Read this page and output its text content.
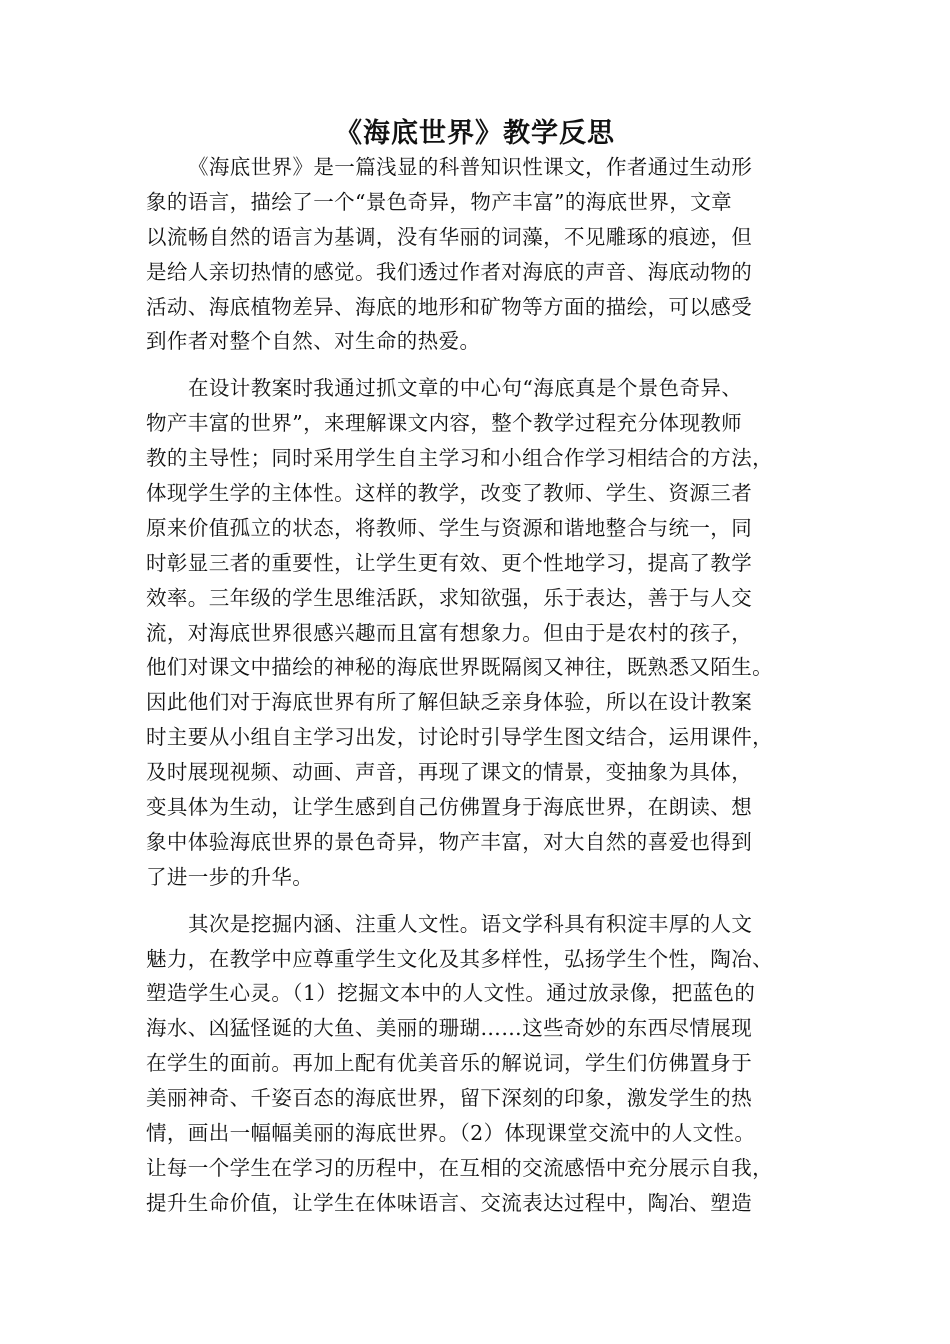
《海底世界》教学反思
《海底世界》是一篇浅显的科普知识性课文，作者通过生动形
象的语言，描绘了一个“景色奇异，物产丰富”的海底世界，文章
以流畅自然的语言为基调，没有华丽的词藻，不见雕琢的痕迹，但
是给人亲切热情的感觉。我们透过作者对海底的声音、海底动物的
活动、海底植物差异、海底的地形和矿物等方面的描绘，可以感受
到作者对整个自然、对生命的热爱。
在设计教案时我通过抓文章的中心句“海底真是个景色奇异、
物产丰富的世界”，来理解课文内容，整个教学过程充分体现教师
教的主导性；同时采用学生自主学习和小组合作学习相结合的方法，
体现学生学的主体性。这样的教学，改变了教师、学生、资源三者
原来价值孤立的状态，将教师、学生与资源和谐地整合与统一，同
时彰显三者的重要性，让学生更有效、更个性地学习，提高了教学
效率。三年级的学生思维活跃，求知欲强，乐于表达，善于与人交
流，对海底世界很感兴趣而且富有想象力。但由于是农村的孩子，
他们对课文中描绘的神秘的海底世界既隔阂又神往，既熟悉又陌生。
因此他们对于海底世界有所了解但缺乏亲身体验，所以在设计教案
时主要从小组自主学习出发，讨论时引导学生图文结合，运用课件，
及时展现视频、动画、声音，再现了课文的情景，变抽象为具体，
变具体为生动，让学生感到自己仿佛置身于海底世界，在朗读、想
象中体验海底世界的景色奇异，物产丰富，对大自然的喜爱也得到
了进一步的升华。
其次是挖掘内涵、注重人文性。语文学科具有积淀丰厚的人文
魅力，在教学中应尊重学生文化及其多样性，弘扬学生个性，陶冶、
塑造学生心灵。（1）挖掘文本中的人文性。通过放录像，把蓝色的
海水、凶猛怪诞的大鱼、美丽的珊瑚……这些奇妙的东西尽情展现
在学生的面前。再加上配有优美音乐的解说词，学生们仿佛置身于
美丽神奇、千姿百态的海底世界，留下深刻的印象，激发学生的热
情，画出一幅幅美丽的海底世界。（2）体现课堂交流中的人文性。
让每一个学生在学习的历程中，在互相的交流感悟中充分展示自我，
提升生命价值，让学生在体味语言、交流表达过程中，陶冶、塑造
